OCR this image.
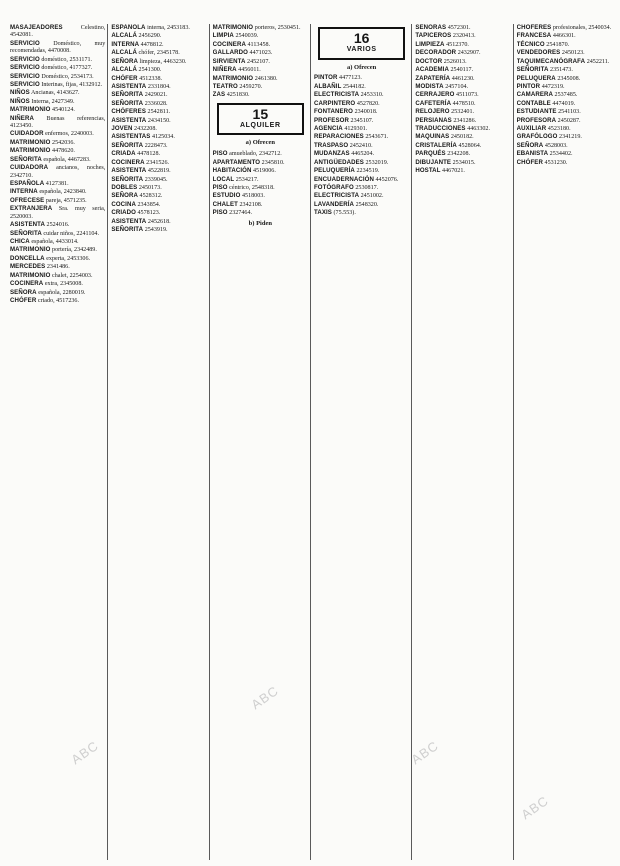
MASAJEADORES	Celestino, 4542081.

SERVICIO Doméstico, muy recomendadas, 4470008.

SERVICIO doméstico, 2531171.

SERVICIO doméstico, 4177327.

SERVICIO Doméstico, 2534173.

SERVICIO Interinas, fijas, 4132912.

NIÑOS Ancianas, 4143627.

NIÑOS Interna, 2427349.

MATRIMONIO 4540124.

NIÑERA Buenas referencias, 4123450.

CUIDADOR enfermos, 2240003.

MATRIMONIO 2542036.

MATRIMONIO 4478620.

SEÑORITA española, 4467283.

CUIDADORA ancianos, noches, 2342710.

ESPAÑOLA 4127381.

INTERNA española, 2423840.

OFRECESE pareja, 4571235.

EXTRANJERA Sra. muy seria, 2520003.

ASISTENTA 2524016.

SEÑORITA cuidar niños, 2241104.

CHICA española, 4433014.

MATRIMONIO portería, 2342489.

DONCELLA experta, 2453306.

MERCEDES 2341486.

MATRIMONIO chalet, 2254003.

COCINERA extra, 2345008.

SEÑORA española, 2280019.

CHÓFER criado, 4517236.

ESPAÑOLA interna, 2453183.

ALCALÁ 2456290.

INTERNA 4478812.

ALCALÁ chófer, 2345178.

SEÑORA limpieza, 4463230.

ALCALÁ 2541300.

CHÓFER 4512338.

ASISTENTA 2331804.

SEÑORITA 2429021.

SEÑORITA 2336028.

CHÓFERES 2542811.

ASISTENTA 2434150.

JOVEN 2432208.

ASISTENTAS 4125034.

SEÑORITA 2228473.

CRIADA 4478128.

COCINERA 2341526.

ASISTENTA 4522819.

SEÑORITA 2339045.

DOBLES 2450173.

SEÑORA 4528312.

COCINA 2343854.

CRIADO 4578123.

ASISTENTA 2452618.

SEÑORITA 2543919.

MATRIMONIO porteros, 2530451.

LIMPIA 2540039.

COCINERA 4113458.

GALLARDO 4471023.

SIRVIENTA 2452107.

NIÑERA 4456011.

MATRIMONIO 2461380.

TEATRO 2459270.

ZAS 4251830.

15
ALQUILER
a) Ofrecen

PISO amueblado, 2342712.

APARTAMENTO 2345810.

HABITACIÓN 4519006.

LOCAL 2534217.

PISO céntrico, 2548318.

ESTUDIO 4518003.

CHALET 2342108.

PISO 2327464.

b) Piden
16
VARIOS
a) Ofrecen

PINTOR 4477123.

ALBAÑIL 2544182.

ELECTRICISTA 2453310.

CARPINTERO 4527820.

FONTANERO 2340018.

PROFESOR 2345107.

AGENCIA 4129301.

REPARACIONES 2543671.

TRASPASO 2452410.

MUDANZAS 4465204.

ANTIGÜEDADES 2532019.

PELUQUERÍA 2234519.

ENCUADERNACIÓN 4452076.

FOTÓGRAFO 2530817.

ELECTRICISTA 2451002.

LAVANDERÍA 2548320.

TAXIS (75.553).

SEÑORAS 4572301.

TAPICEROS 2320413.

LIMPIEZA 4512370.

DECORADOR 2432907.

DOCTOR 2526013.

ACADEMIA 2540117.

ZAPATERÍA 4461230.

MODISTA 2457104.

CERRAJERO 4511073.

CAFETERÍA 4478510.

RELOJERO 2532401.

PERSIANAS 2341286.

TRADUCCIONES 4463302.

MAQUINAS 2450182.

CRISTALERÍA 4528064.

PARQUÉS 2342208.

DIBUJANTE 2534015.

HOSTAL 4467021.

CHÓFERES profesionales, 2540034.

FRANCESA 4466301.

TÉCNICO 2541870.

VENDEDORES 2450123.

TAQUIMECANÓGRAFA 2452211.

SEÑORITA 2351473.

PELUQUERA 2345008.

PINTOR 4472319.

CAMARERA 2537485.

CONTABLE 4474019.

ESTUDIANTE 2541103.

PROFESORA 2450287.

AUXILIAR 4523180.

GRAFÓLOGO 2341219.

SEÑORA 4528003.

EBANISTA 2534402.

CHÓFER 4531230.

ABC
ABC
ABC
ABC
